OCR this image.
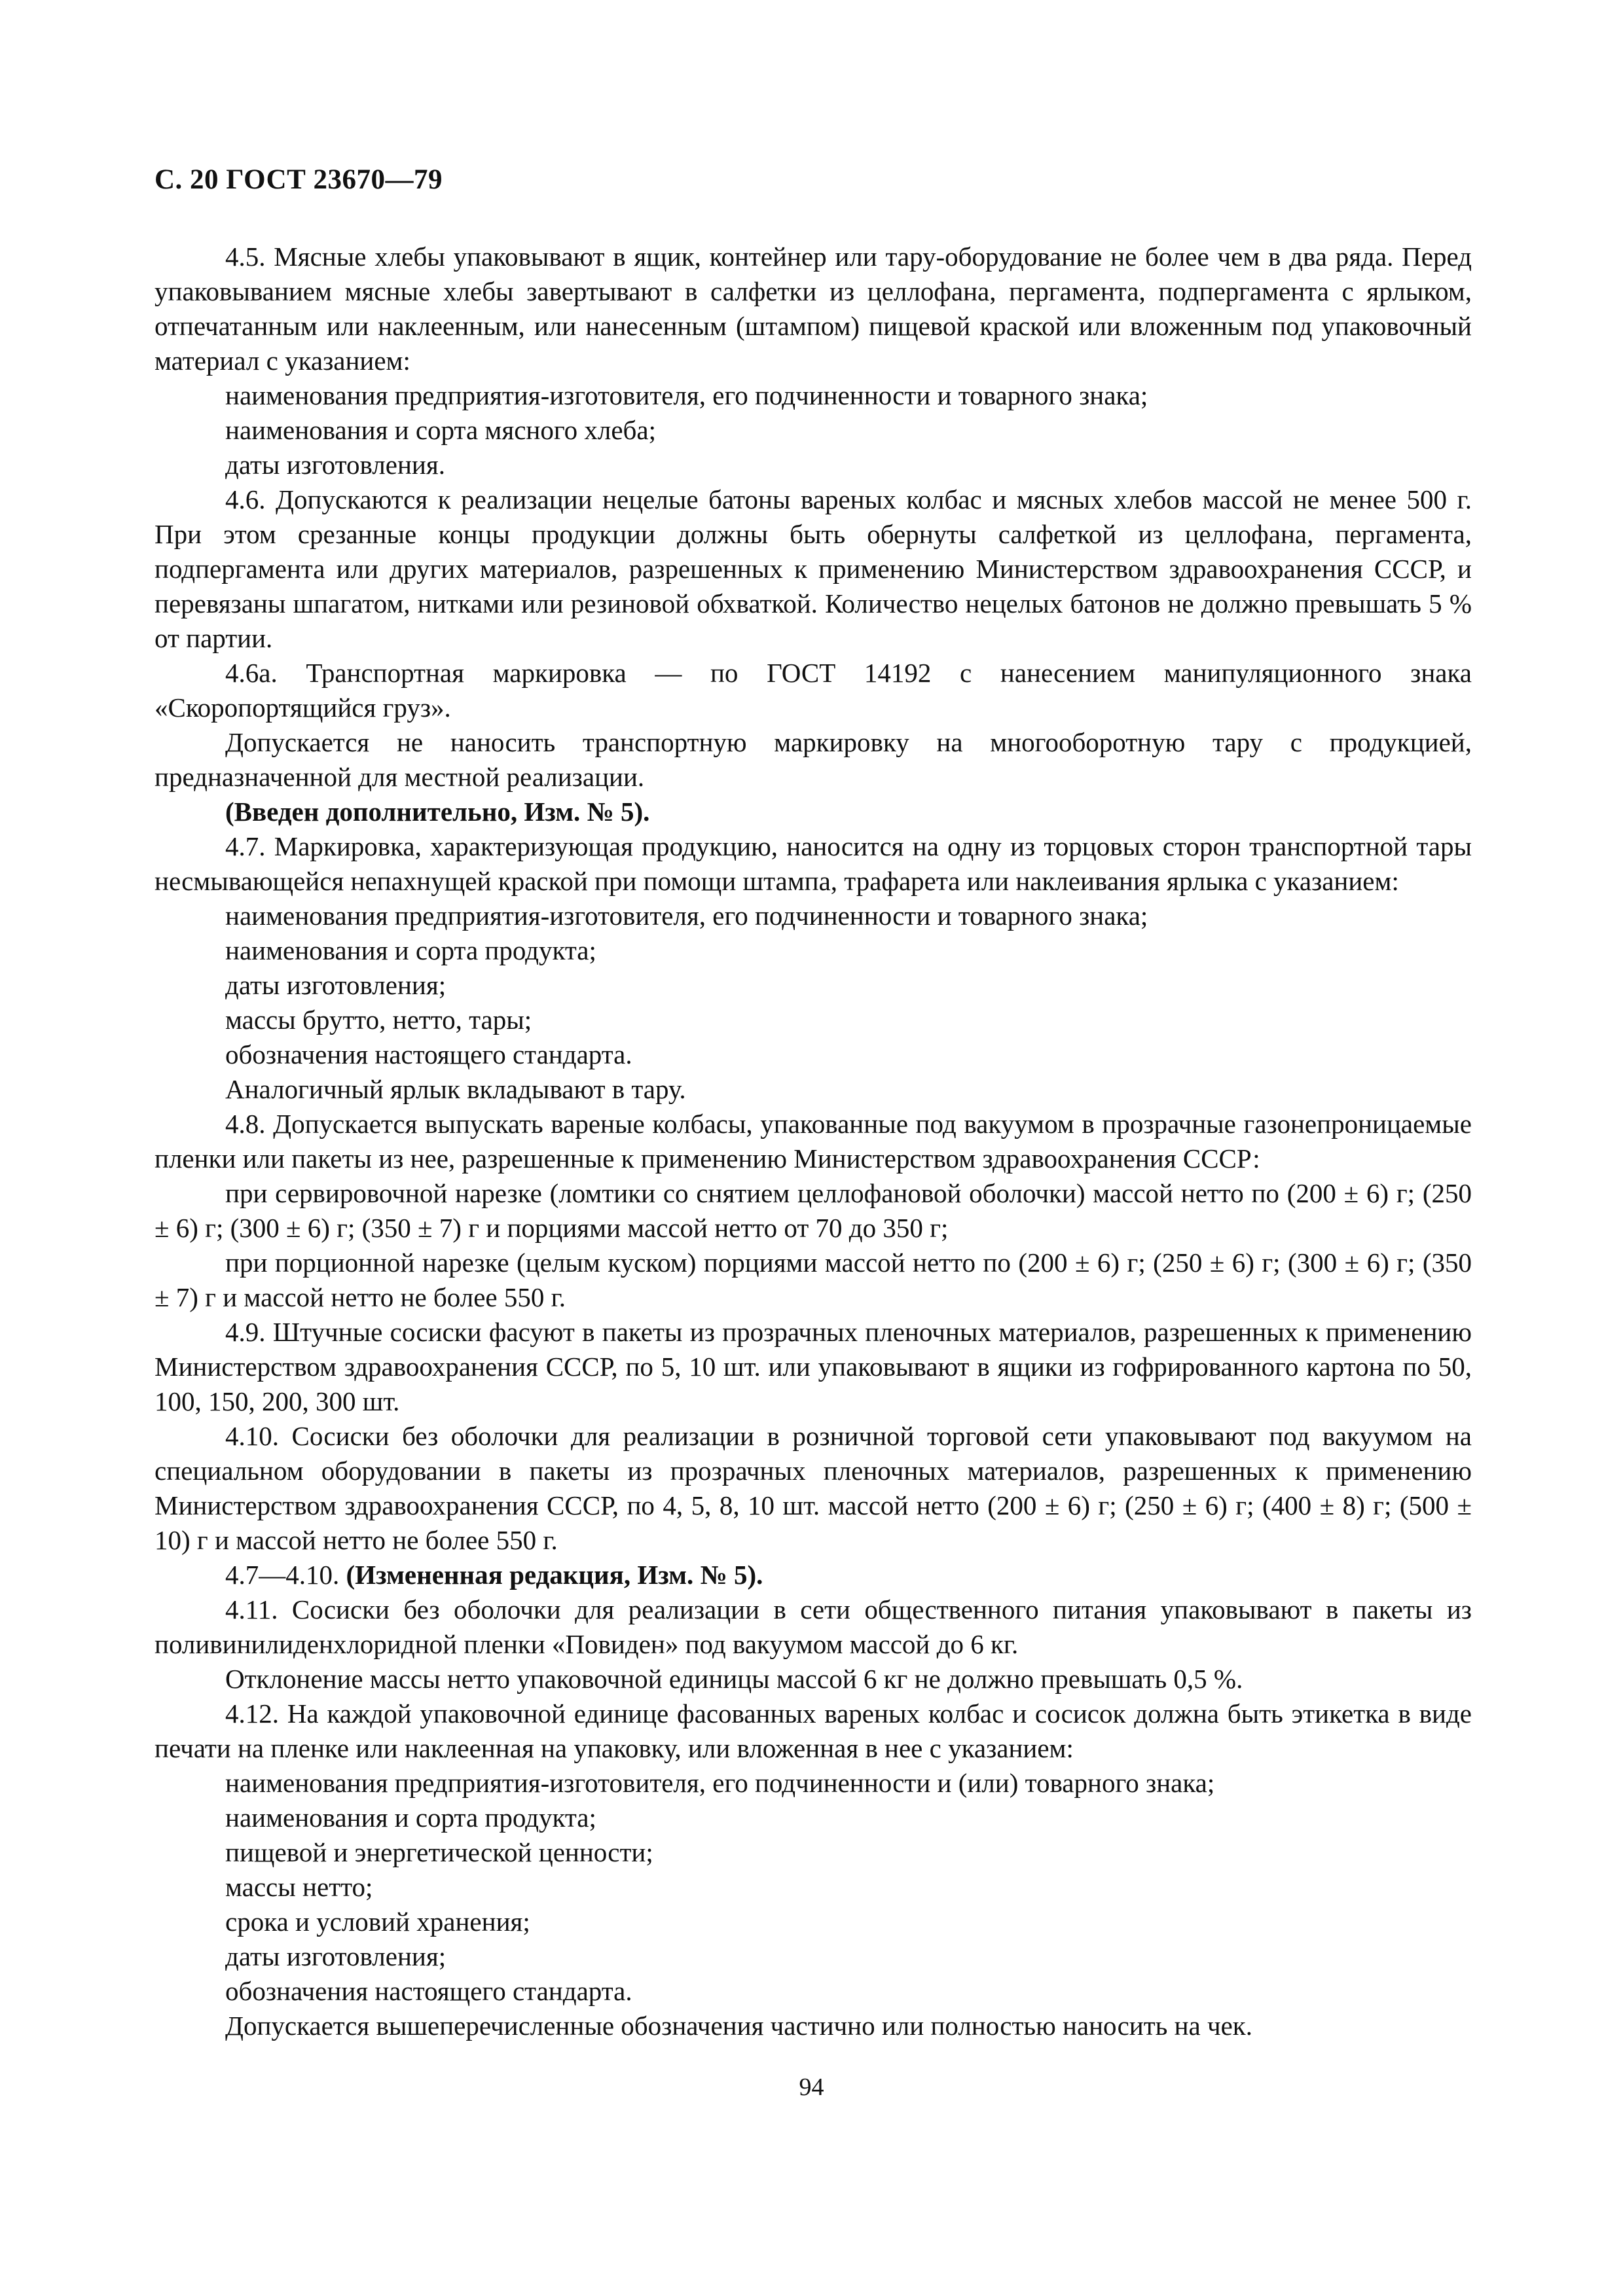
С. 20 ГОСТ 23670—79

4.5. Мясные хлебы упаковывают в ящик, контейнер или тару-оборудование не более чем в два ряда. Перед упаковыванием мясные хлебы завертывают в салфетки из целлофана, пергамента, подпергамента с ярлыком, отпечатанным или наклеенным, или нанесенным (штампом) пищевой краской или вложенным под упаковочный материал с указанием:

наименования предприятия-изготовителя, его подчиненности и товарного знака;

наименования и сорта мясного хлеба;

даты изготовления.

4.6. Допускаются к реализации нецелые батоны вареных колбас и мясных хлебов массой не менее 500 г. При этом срезанные концы продукции должны быть обернуты салфеткой из целлофана, пергамента, подпергамента или других материалов, разрешенных к применению Министерством здравоохранения СССР, и перевязаны шпагатом, нитками или резиновой обхваткой. Количество нецелых батонов не должно превышать 5 % от партии.

4.6а. Транспортная маркировка — по ГОСТ 14192 с нанесением манипуляционного знака «Скоропортящийся груз».

Допускается не наносить транспортную маркировку на многооборотную тару с продукцией, предназначенной для местной реализации.

(Введен дополнительно, Изм. № 5).

4.7. Маркировка, характеризующая продукцию, наносится на одну из торцовых сторон транспортной тары несмывающейся непахнущей краской при помощи штампа, трафарета или наклеивания ярлыка с указанием:

наименования предприятия-изготовителя, его подчиненности и товарного знака;

наименования и сорта продукта;

даты изготовления;

массы брутто, нетто, тары;

обозначения настоящего стандарта.

Аналогичный ярлык вкладывают в тару.

4.8. Допускается выпускать вареные колбасы, упакованные под вакуумом в прозрачные газонепроницаемые пленки или пакеты из нее, разрешенные к применению Министерством здравоохранения СССР:

при сервировочной нарезке (ломтики со снятием целлофановой оболочки) массой нетто по (200 ± 6) г; (250 ± 6) г; (300 ± 6) г; (350 ± 7) г и порциями массой нетто от 70 до 350 г;

при порционной нарезке (целым куском) порциями массой нетто по (200 ± 6) г; (250 ± 6) г; (300 ± 6) г; (350 ± 7) г и массой нетто не более 550 г.

4.9. Штучные сосиски фасуют в пакеты из прозрачных пленочных материалов, разрешенных к применению Министерством здравоохранения СССР, по 5, 10 шт. или упаковывают в ящики из гофрированного картона по 50, 100, 150, 200, 300 шт.

4.10. Сосиски без оболочки для реализации в розничной торговой сети упаковывают под вакуумом на специальном оборудовании в пакеты из прозрачных пленочных материалов, разрешенных к применению Министерством здравоохранения СССР, по 4, 5, 8, 10 шт. массой нетто (200 ± 6) г; (250 ± 6) г; (400 ± 8) г; (500 ± 10) г и массой нетто не более 550 г.

4.7—4.10. (Измененная редакция, Изм. № 5).

4.11. Сосиски без оболочки для реализации в сети общественного питания упаковывают в пакеты из поливинилиденхлоридной пленки «Повиден» под вакуумом массой до 6 кг.

Отклонение массы нетто упаковочной единицы массой 6 кг не должно превышать 0,5 %.

4.12. На каждой упаковочной единице фасованных вареных колбас и сосисок должна быть этикетка в виде печати на пленке или наклеенная на упаковку, или вложенная в нее с указанием:

наименования предприятия-изготовителя, его подчиненности и (или) товарного знака;

наименования и сорта продукта;

пищевой и энергетической ценности;

массы нетто;

срока и условий хранения;

даты изготовления;

обозначения настоящего стандарта.

Допускается вышеперечисленные обозначения частично или полностью наносить на чек.

94
